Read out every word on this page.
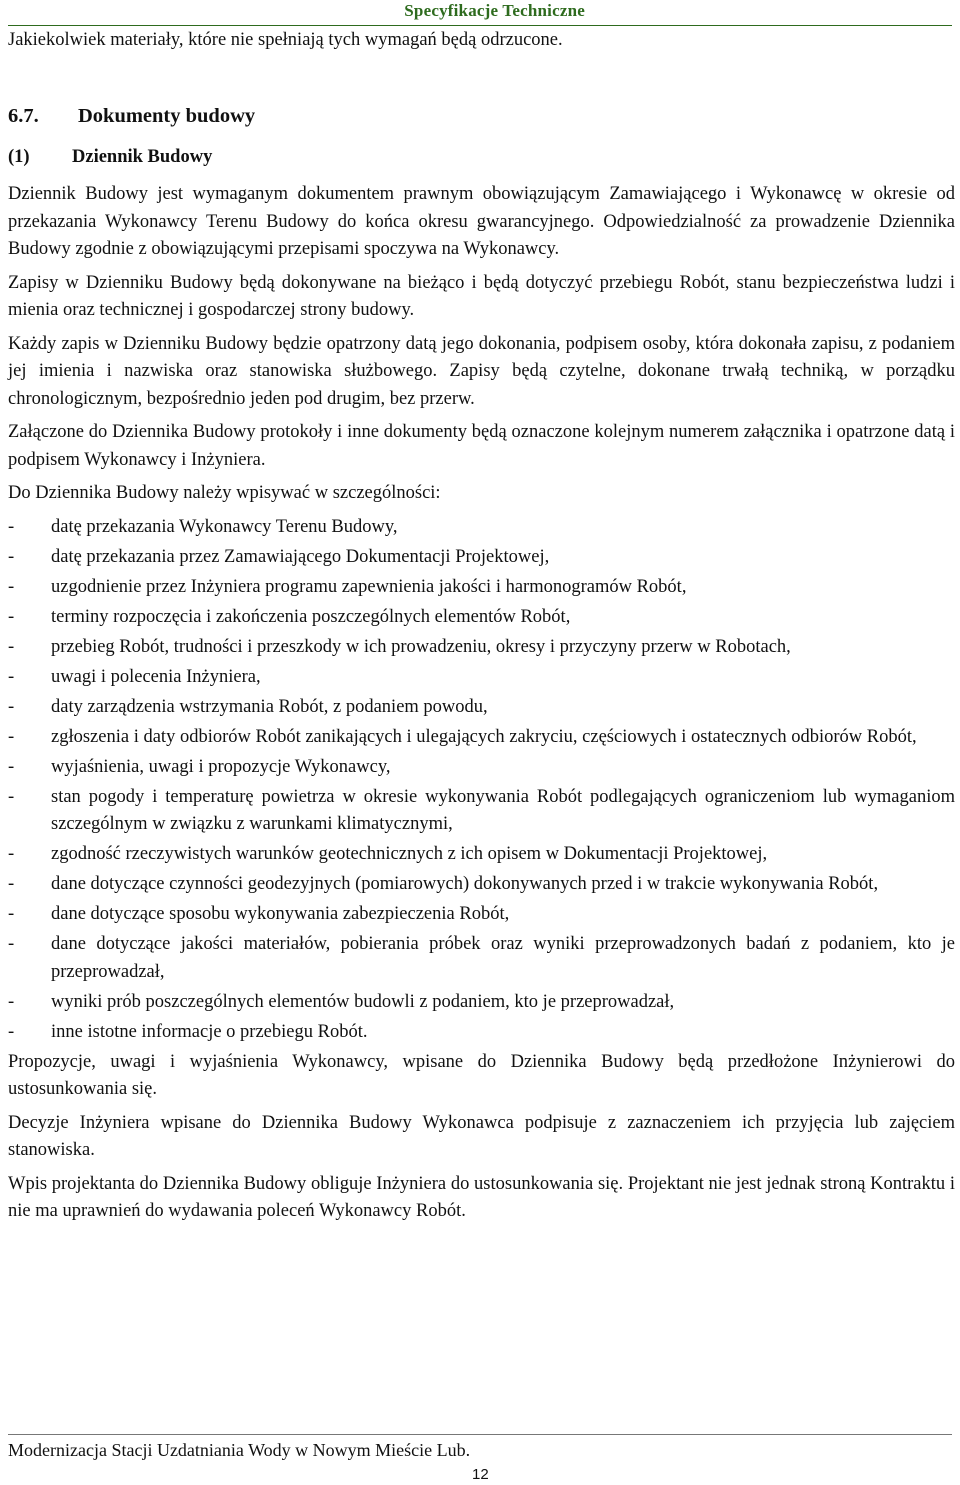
Specyfikacje Techniczne
Jakiekolwiek materiały, które nie spełniają tych wymagań będą odrzucone.
6.7.	Dokumenty budowy
(1)	Dziennik Budowy

Dziennik Budowy jest wymaganym dokumentem prawnym obowiązującym Zamawiającego i Wykonawcę w okresie od przekazania Wykonawcy Terenu Budowy do końca okresu gwarancyjnego. Odpowiedzialność za prowadzenie Dziennika Budowy zgodnie z obowiązującymi przepisami spoczywa na Wykonawcy.

Zapisy w Dzienniku Budowy będą dokonywane na bieżąco i będą dotyczyć przebiegu Robót, stanu bezpieczeństwa ludzi i mienia oraz technicznej i gospodarczej strony budowy.

Każdy zapis w Dzienniku Budowy będzie opatrzony datą jego dokonania, podpisem osoby, która dokonała zapisu, z podaniem jej imienia i nazwiska oraz stanowiska służbowego. Zapisy będą czytelne, dokonane trwałą techniką, w porządku chronologicznym, bezpośrednio jeden pod drugim, bez przerw.

Załączone do Dziennika Budowy protokoły i inne dokumenty będą oznaczone kolejnym numerem załącznika i opatrzone datą i podpisem Wykonawcy i Inżyniera.

Do Dziennika Budowy należy wpisywać w szczególności:

- datę przekazania Wykonawcy Terenu Budowy,
- datę przekazania przez Zamawiającego Dokumentacji Projektowej,
- uzgodnienie przez Inżyniera programu zapewnienia jakości i harmonogramów Robót,
- terminy rozpoczęcia i zakończenia poszczególnych elementów Robót,
- przebieg Robót, trudności i przeszkody w ich prowadzeniu, okresy i przyczyny przerw w Robotach,
- uwagi i polecenia Inżyniera,
- daty zarządzenia wstrzymania Robót, z podaniem powodu,
- zgłoszenia i daty odbiorów Robót zanikających i ulegających zakryciu, częściowych i ostatecznych odbiorów Robót,
- wyjaśnienia, uwagi i propozycje Wykonawcy,
- stan pogody i temperaturę powietrza w okresie wykonywania Robót podlegających ograniczeniom lub wymaganiom szczególnym w związku z warunkami klimatycznymi,
- zgodność rzeczywistych warunków geotechnicznych z ich opisem w Dokumentacji Projektowej,
- dane dotyczące czynności geodezyjnych (pomiarowych) dokonywanych przed i w trakcie wykonywania Robót,
- dane dotyczące sposobu wykonywania zabezpieczenia Robót,
- dane dotyczące jakości materiałów, pobierania próbek oraz wyniki przeprowadzonych badań z podaniem, kto je przeprowadzał,
- wyniki prób poszczególnych elementów budowli z podaniem, kto je przeprowadzał,
- inne istotne informacje o przebiegu Robót.

Propozycje, uwagi i wyjaśnienia Wykonawcy, wpisane do Dziennika Budowy będą przedłożone Inżynierowi do ustosunkowania się.

Decyzje Inżyniera wpisane do Dziennika Budowy Wykonawca podpisuje z zaznaczeniem ich przyjęcia lub zajęciem stanowiska.

Wpis projektanta do Dziennika Budowy obliguje Inżyniera do ustosunkowania się. Projektant nie jest jednak stroną Kontraktu i nie ma uprawnień do wydawania poleceń Wykonawcy Robót.

Modernizacja Stacji Uzdatniania Wody w Nowym Mieście Lub.
12
